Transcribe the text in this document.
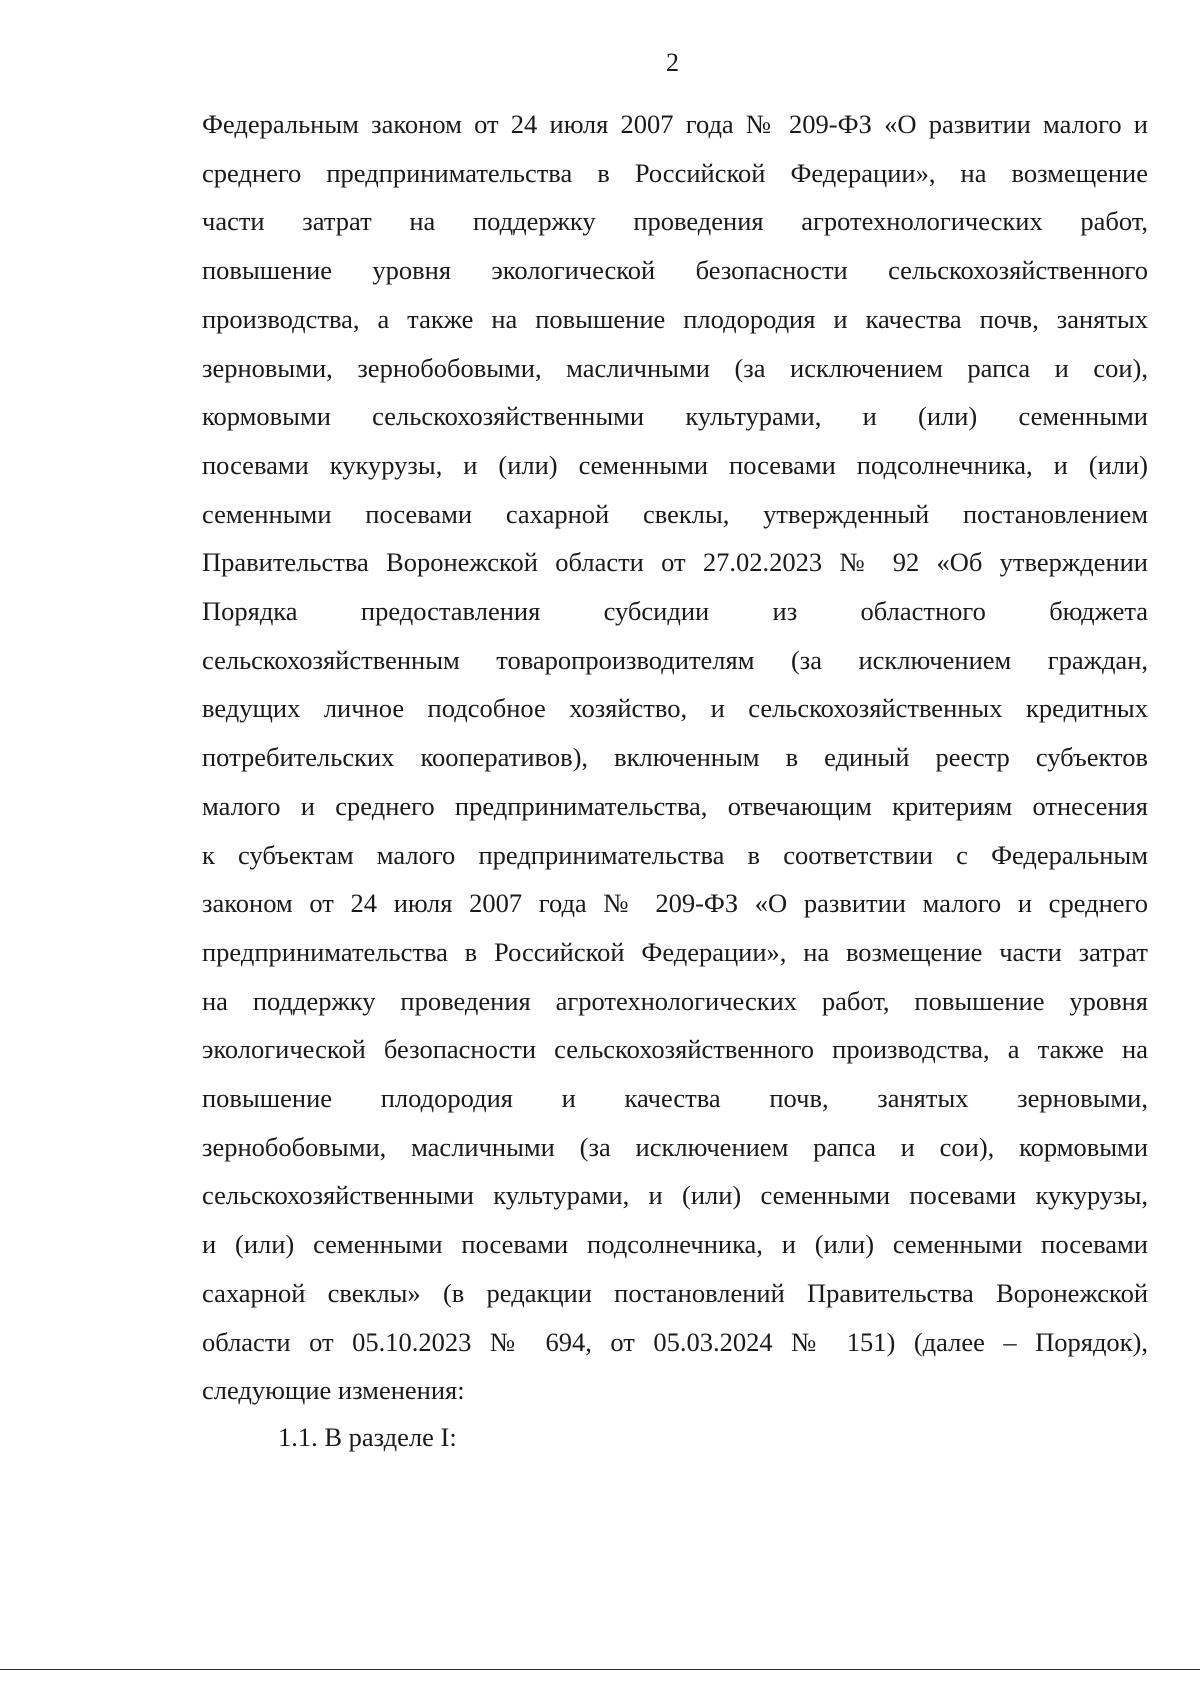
2
Федеральным законом от 24 июля 2007 года № 209-ФЗ «О развитии малого и
среднего предпринимательства в Российской Федерации», на возмещение
части затрат на поддержку проведения агротехнологических работ,
повышение уровня экологической безопасности сельскохозяйственного
производства, а также на повышение плодородия и качества почв, занятых
зерновыми, зернобобовыми, масличными (за исключением рапса и сои),
кормовыми сельскохозяйственными культурами, и (или) семенными
посевами кукурузы, и (или) семенными посевами подсолнечника, и (или)
семенными посевами сахарной свеклы, утвержденный постановлением
Правительства Воронежской области от 27.02.2023 № 92 «Об утверждении
Порядка предоставления субсидии из областного бюджета
сельскохозяйственным товаропроизводителям (за исключением граждан,
ведущих личное подсобное хозяйство, и сельскохозяйственных кредитных
потребительских кооперативов), включенным в единый реестр субъектов
малого и среднего предпринимательства, отвечающим критериям отнесения
к субъектам малого предпринимательства в соответствии с Федеральным
законом от 24 июля 2007 года № 209-ФЗ «О развитии малого и среднего
предпринимательства в Российской Федерации», на возмещение части затрат
на поддержку проведения агротехнологических работ, повышение уровня
экологической безопасности сельскохозяйственного производства, а также на
повышение плодородия и качества почв, занятых зерновыми,
зернобобовыми, масличными (за исключением рапса и сои), кормовыми
сельскохозяйственными культурами, и (или) семенными посевами кукурузы,
и (или) семенными посевами подсолнечника, и (или) семенными посевами
сахарной свеклы» (в редакции постановлений Правительства Воронежской
области от 05.10.2023 № 694, от 05.03.2024 № 151) (далее – Порядок),
следующие изменения:
1.1. В разделе I:
